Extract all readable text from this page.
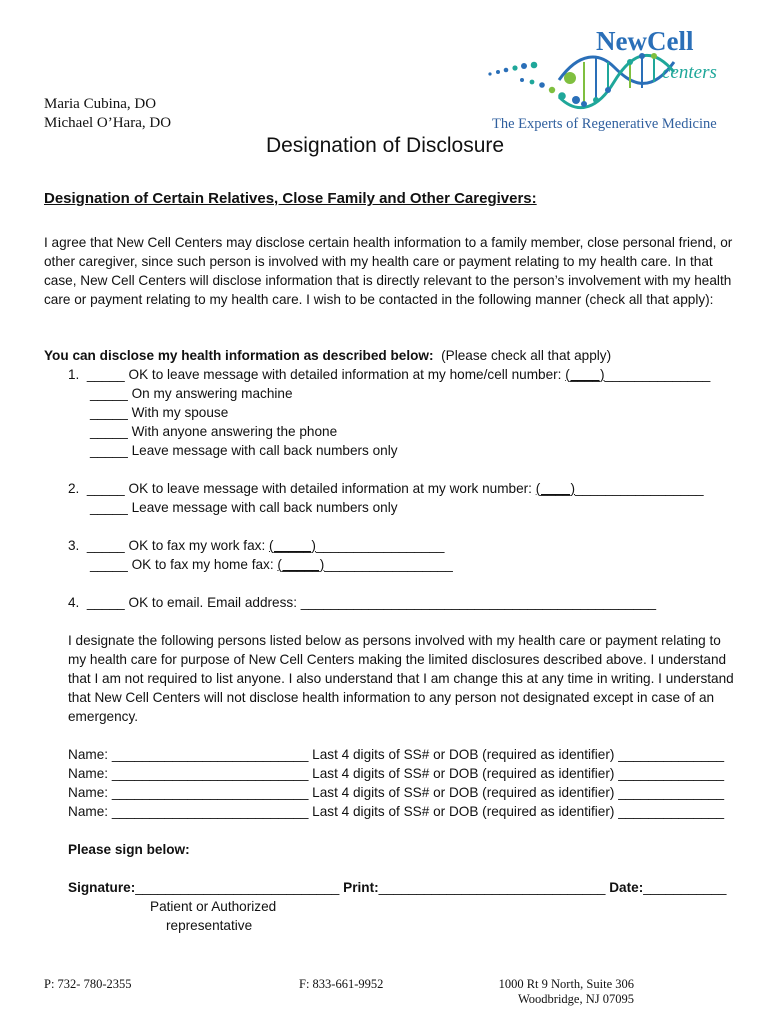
Maria Cubina, DO
Michael O’Hara, DO
NewCell
centers
The Experts of Regenerative Medicine
Designation of Disclosure
Designation of Certain Relatives, Close Family and Other Caregivers:
I agree that New Cell Centers may disclose certain health information to a family member, close personal friend, or other caregiver, since such person is involved with my health care or payment relating to my health care. In that case, New Cell Centers will disclose information that is directly relevant to the person’s involvement with my health care or payment relating to my health care. I wish to be contacted in the following manner (check all that apply):
You can disclose my health information as described below: (Please check all that apply)
1. _____ OK to leave message with detailed information at my home/cell number: (____)______________
_____ On my answering machine
_____ With my spouse
_____ With anyone answering the phone
_____ Leave message with call back numbers only
2. _____ OK to leave message with detailed information at my work number: (____)_________________
_____ Leave message with call back numbers only
3. _____ OK to fax my work fax: (_____)_________________
_____ OK to fax my home fax: (_____)_________________
4. _____ OK to email. Email address: _______________________________________________
I designate the following persons listed below as persons involved with my health care or payment relating to my health care for purpose of New Cell Centers making the limited disclosures described above. I understand that I am not required to list anyone. I also understand that I am change this at any time in writing. I understand that New Cell Centers will not disclose health information to any person not designated except in case of an emergency.
Name: __________________________ Last 4 digits of SS# or DOB (required as identifier) ______________
Name: __________________________ Last 4 digits of SS# or DOB (required as identifier) ______________
Name: __________________________ Last 4 digits of SS# or DOB (required as identifier) ______________
Name: __________________________ Last 4 digits of SS# or DOB (required as identifier) ______________
Please sign below:
Signature:___________________________ Print:______________________________ Date:___________
Patient or Authorized
representative
P: 732- 780-2355	F: 833-661-9952	1000 Rt 9 North, Suite 306
Woodbridge, NJ 07095
